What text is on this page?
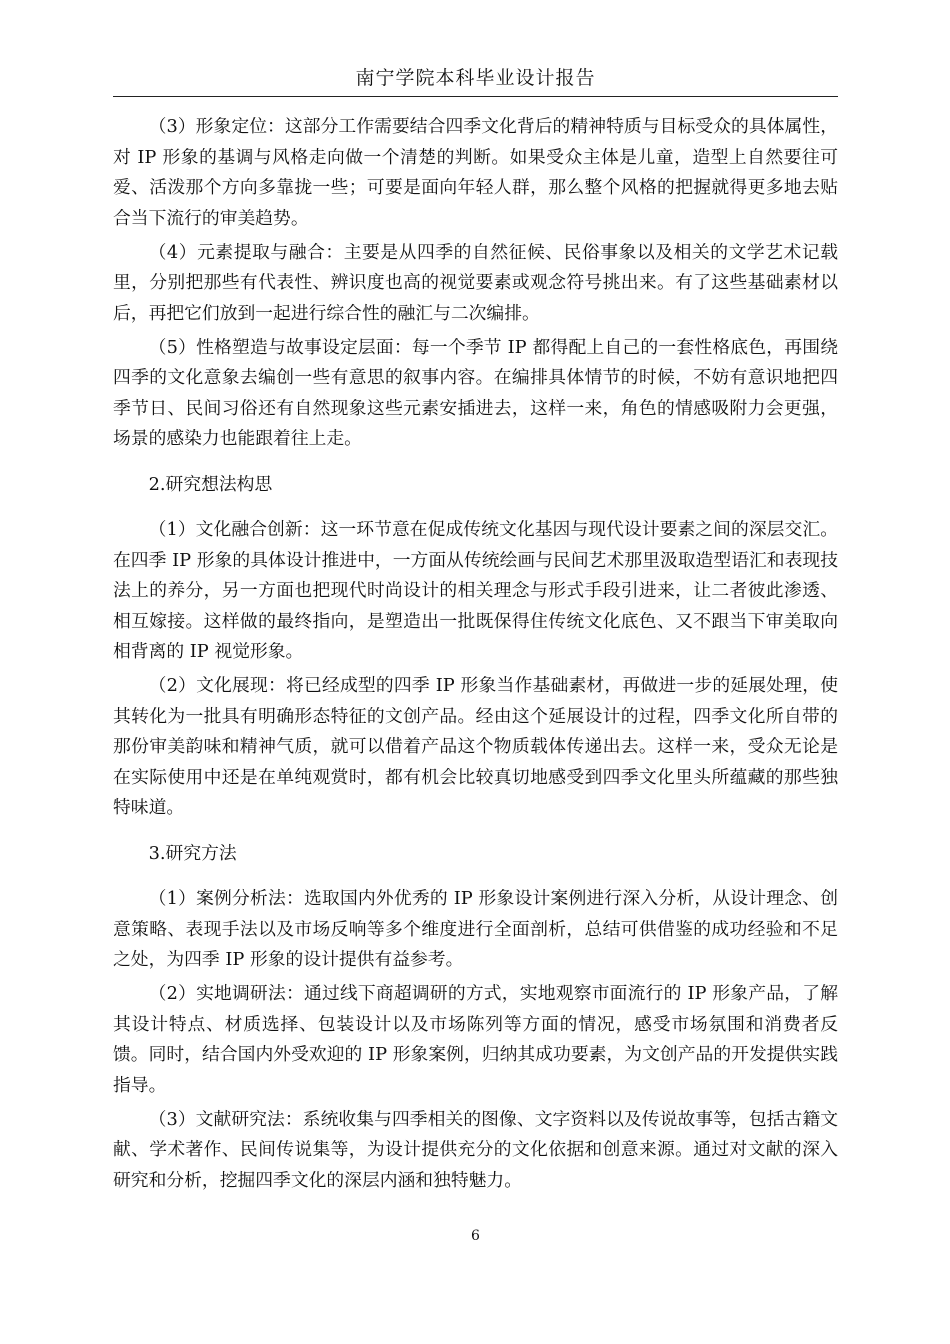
南宁学院本科毕业设计报告

（3）形象定位：这部分工作需要结合四季文化背后的精神特质与目标受众的具体属性，对 IP 形象的基调与风格走向做一个清楚的判断。如果受众主体是儿童，造型上自然要往可爱、活泼那个方向多靠拢一些；可要是面向年轻人群，那么整个风格的把握就得更多地去贴合当下流行的审美趋势。

（4）元素提取与融合：主要是从四季的自然征候、民俗事象以及相关的文学艺术记载里，分别把那些有代表性、辨识度也高的视觉要素或观念符号挑出来。有了这些基础素材以后，再把它们放到一起进行综合性的融汇与二次编排。

（5）性格塑造与故事设定层面：每一个季节 IP 都得配上自己的一套性格底色，再围绕四季的文化意象去编创一些有意思的叙事内容。在编排具体情节的时候，不妨有意识地把四季节日、民间习俗还有自然现象这些元素安插进去，这样一来，角色的情感吸附力会更强，场景的感染力也能跟着往上走。

2.研究想法构思

（1）文化融合创新：这一环节意在促成传统文化基因与现代设计要素之间的深层交汇。在四季 IP 形象的具体设计推进中，一方面从传统绘画与民间艺术那里汲取造型语汇和表现技法上的养分，另一方面也把现代时尚设计的相关理念与形式手段引进来，让二者彼此渗透、相互嫁接。这样做的最终指向，是塑造出一批既保得住传统文化底色、又不跟当下审美取向相背离的 IP 视觉形象。

（2）文化展现：将已经成型的四季 IP 形象当作基础素材，再做进一步的延展处理，使其转化为一批具有明确形态特征的文创产品。经由这个延展设计的过程，四季文化所自带的那份审美韵味和精神气质，就可以借着产品这个物质载体传递出去。这样一来，受众无论是在实际使用中还是在单纯观赏时，都有机会比较真切地感受到四季文化里头所蕴藏的那些独特味道。

3.研究方法

（1）案例分析法：选取国内外优秀的 IP 形象设计案例进行深入分析，从设计理念、创意策略、表现手法以及市场反响等多个维度进行全面剖析，总结可供借鉴的成功经验和不足之处，为四季 IP 形象的设计提供有益参考。

（2）实地调研法：通过线下商超调研的方式，实地观察市面流行的 IP 形象产品，了解其设计特点、材质选择、包装设计以及市场陈列等方面的情况，感受市场氛围和消费者反馈。同时，结合国内外受欢迎的 IP 形象案例，归纳其成功要素，为文创产品的开发提供实践指导。

（3）文献研究法：系统收集与四季相关的图像、文字资料以及传说故事等，包括古籍文献、学术著作、民间传说集等，为设计提供充分的文化依据和创意来源。通过对文献的深入研究和分析，挖掘四季文化的深层内涵和独特魅力。

6
